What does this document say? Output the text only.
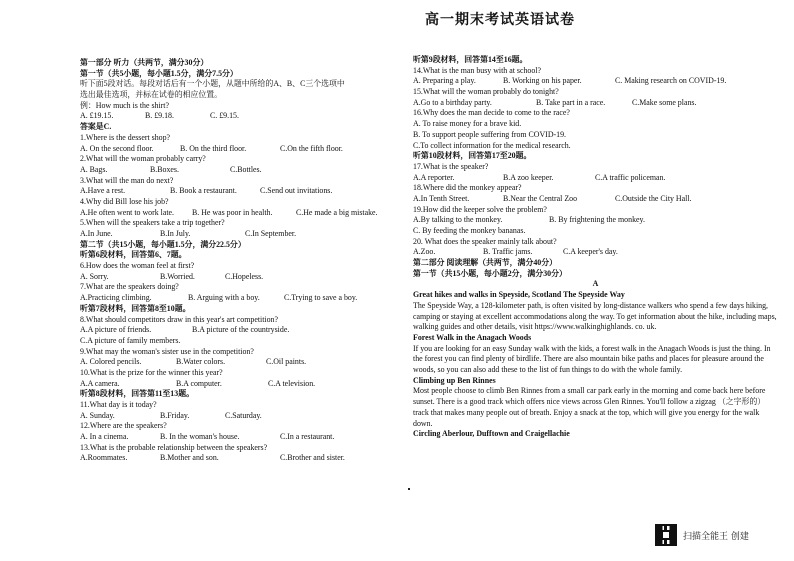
高一期末考试英语试卷
第一部分 听力（共两节，满分30分）
第一节（共5小题，每小题1.5分，满分7.5分）
听下面5段对话。每段对话后有一个小题，从题中所给的A、B、C三个选项中
选出最佳选项，并标在试卷的相应位置。
例：How much is the shirt?
A. £19.15.	B. £9.18.	C. £9.15.
答案是C.
1.Where is the dessert shop?
A. On the second floor.	B. On the third floor.	C.On the fifth floor.
2.What will the woman probably carry?
A. Bags.	B.Boxes.	C.Bottles.
3.What will the man do next?
A.Have a rest.	B. Book a restaurant.	C.Send out invitations.
4.Why did Bill lose his job?
A.He often went to work late.	B. He was poor in health.	C.He made a big mistake.
5.When will the speakers take a trip together?
A.In June.	B.In July.	C.In September.
第二节（共15小题，每小题1.5分，满分22.5分）
听第6段材料，回答第6、7题。
6.How does the woman feel at first?
A. Sorry.	B.Worried.	C.Hopeless.
7.What are the speakers doing?
A.Practicing climbing.	B. Arguing with a boy.	C.Trying to save a boy.
听第7段材料，回答第8至10题。
8.What should competitors draw in this year's art competition?
A.A picture of friends.	B.A picture of the countryside.
C.A picture of family members.
9.What may the woman's sister use in the competition?
A. Colored pencils.	B.Water colors.	C.Oil paints.
10.What is the prize for the winner this year?
A.A camera.	B.A computer.	C.A television.
听第8段材料，回答第11至13题。
11.What day is it today?
A. Sunday.	B.Friday.	C.Saturday.
12.Where are the speakers?
A. In a cinema.	B. In the woman's house.	C.In a restaurant.
13.What is the probable relationship between the speakers?
A.Roommates.	B.Mother and son.	C.Brother and sister.
听第9段材料，回答第14至16题。
14.What is the man busy with at school?
A. Preparing a play.	B. Working on his paper.	C. Making research on COVID-19.
15.What will the woman probably do tonight?
A.Go to a birthday party.	B. Take part in a race.	C.Make some plans.
16.Why does the man decide to come to the race?
A. To raise money for a brave kid.
B. To support people suffering from COVID-19.
C.To collect information for the medical research.
听第10段材料，回答第17至20题。
17.What is the speaker?
A.A reporter.	B.A zoo keeper.	C.A traffic policeman.
18.Where did the monkey appear?
A.In Tenth Street.	B.Near the Central Zoo	C.Outside the City Hall.
19.How did the keeper solve the problem?
A.By talking to the monkey.	B. By frightening the monkey.
C. By feeding the monkey bananas.
20. What does the speaker mainly talk about?
A.Zoo.	B. Traffic jams.	C.A keeper's day.
第二部分 阅读理解（共两节，满分40分）
第一节（共15小题，每小题2分，满分30分）
A
Great hikes and walks in Speyside, Scotland The Speyside Way
The Speyside Way, a 128-kilometer path, is often visited by long-distance walkers who spend a few days hiking, camping or staying at excellent accommodations along the way. To get information about the hike, including maps, walking guides and other details, visit https://www.walkinghighlands. co. uk.
Forest Walk in the Anagach Woods
If you are looking for an easy Sunday walk with the kids, a forest walk in the Anagach Woods is just the thing. In the forest you can find plenty of birdlife. There are also mountain bike paths and places for pleasure around the woods, so you can also add these to the list of fun things to do with the whole family.
Climbing up Ben Rinnes
Most people choose to climb Ben Rinnes from a small car park early in the morning and come back here before sunset. There is a good track which offers nice views across Glen Rinnes. You'll follow a zigzag （之字形的）track that makes many people out of breath. Enjoy a snack at the top, which will give you energy for the walk down.
Circling Aberlour, Dufftown and Craigellachie
扫描全能王 创建
